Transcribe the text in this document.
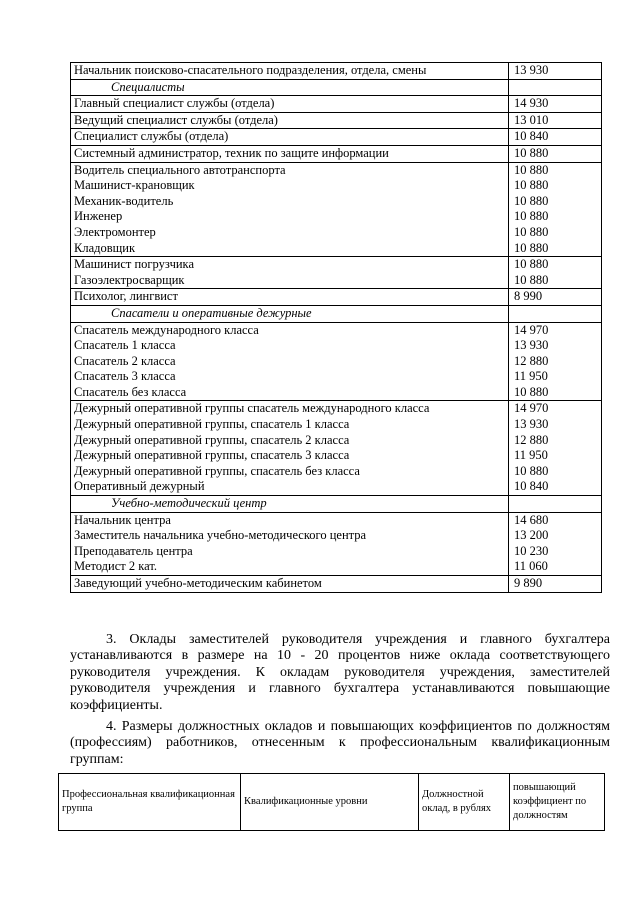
Начальник поисково-спасательного подразделения, отдела, смены	13 930
Специалисты	
Главный специалист службы (отдела)	14 930
Ведущий специалист службы (отдела)	13 010
Специалист службы (отдела)	10 840
Системный администратор, техник по защите информации	10 880
Водитель специального автотранспорта	10 880
Машинист-крановщик	10 880
Механик-водитель	10 880
Инженер	10 880
Электромонтер	10 880
Кладовщик	10 880
Машинист погрузчика	10 880
Газоэлектросварщик	10 880
Психолог, лингвист	8 990
Спасатели и оперативные дежурные	
Спасатель международного класса	14 970
Спасатель 1 класса	13 930
Спасатель 2 класса	12 880
Спасатель 3 класса	11 950
Спасатель без класса	10 880
Дежурный оперативной группы спасатель международного класса	14 970
Дежурный оперативной группы, спасатель 1 класса	13 930
Дежурный оперативной группы, спасатель 2 класса	12 880
Дежурный оперативной группы, спасатель 3 класса	11 950
Дежурный оперативной группы, спасатель без класса	10 880
Оперативный дежурный	10 840
Учебно-методический центр	
Начальник центра	14 680
Заместитель начальника учебно-методического центра	13 200
Преподаватель центра	10 230
Методист 2 кат.	11 060
Заведующий учебно-методическим кабинетом	9 890
3. Оклады заместителей руководителя учреждения и главного бухгалтера устанавливаются в размере на 10 - 20 процентов ниже оклада соответствующего руководителя учреждения. К окладам руководителя учреждения, заместителей руководителя учреждения и главного бухгалтера устанавливаются повышающие коэффициенты.
4. Размеры должностных окладов и повышающих коэффициентов по должностям (профессиям) работников, отнесенным к профессиональным квалификационным группам:
Профессиональная квалификационная группа	Квалификационные уровни	Должностной оклад, в рублях	повышающий коэффициент по должностям
